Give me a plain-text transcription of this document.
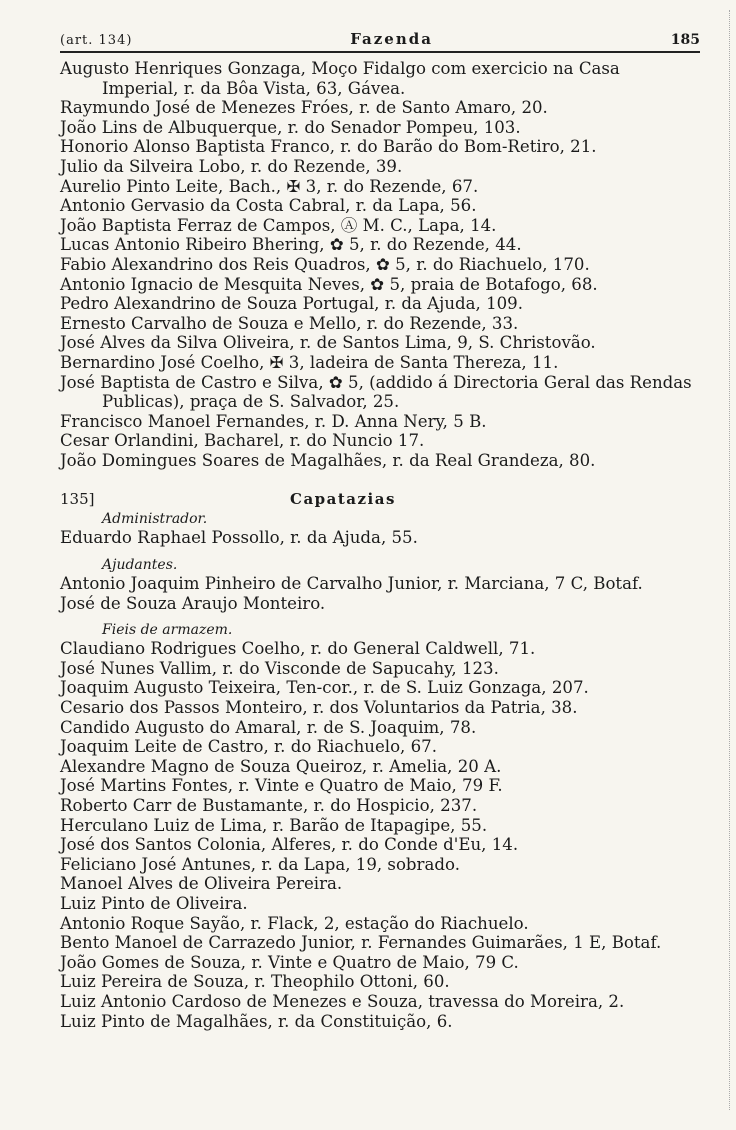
(art. 134)	Fazenda	185
Augusto Henriques Gonzaga, Moço Fidalgo com exercicio na Casa Imperial, r. da Bôa Vista, 63, Gávea.
Raymundo José de Menezes Fróes, r. de Santo Amaro, 20.
João Lins de Albuquerque, r. do Senador Pompeu, 103.
Honorio Alonso Baptista Franco, r. do Barão do Bom-Retiro, 21.
Julio da Silveira Lobo, r. do Rezende, 39.
Aurelio Pinto Leite, Bach., ✠ 3, r. do Rezende, 67.
Antonio Gervasio da Costa Cabral, r. da Lapa, 56.
João Baptista Ferraz de Campos, Ⓐ M. C., Lapa, 14.
Lucas Antonio Ribeiro Bhering, ✿ 5, r. do Rezende, 44.
Fabio Alexandrino dos Reis Quadros, ✿ 5, r. do Riachuelo, 170.
Antonio Ignacio de Mesquita Neves, ✿ 5, praia de Botafogo, 68.
Pedro Alexandrino de Souza Portugal, r. da Ajuda, 109.
Ernesto Carvalho de Souza e Mello, r. do Rezende, 33.
José Alves da Silva Oliveira, r. de Santos Lima, 9, S. Christovão.
Bernardino José Coelho, ✠ 3, ladeira de Santa Thereza, 11.
José Baptista de Castro e Silva, ✿ 5, (addido á Directoria Geral das Rendas Publicas), praça de S. Salvador, 25.
Francisco Manoel Fernandes, r. D. Anna Nery, 5 B.
Cesar Orlandini, Bacharel, r. do Nuncio 17.
João Domingues Soares de Magalhães, r. da Real Grandeza, 80.
135]	Capatazias
Administrador.
Eduardo Raphael Possollo, r. da Ajuda, 55.
Ajudantes.
Antonio Joaquim Pinheiro de Carvalho Junior, r. Marciana, 7 C, Botaf.
José de Souza Araujo Monteiro.
Fieis de armazem.
Claudiano Rodrigues Coelho, r. do General Caldwell, 71.
José Nunes Vallim, r. do Visconde de Sapucahy, 123.
Joaquim Augusto Teixeira, Ten-cor., r. de S. Luiz Gonzaga, 207.
Cesario dos Passos Monteiro, r. dos Voluntarios da Patria, 38.
Candido Augusto do Amaral, r. de S. Joaquim, 78.
Joaquim Leite de Castro, r. do Riachuelo, 67.
Alexandre Magno de Souza Queiroz, r. Amelia, 20 A.
José Martins Fontes, r. Vinte e Quatro de Maio, 79 F.
Roberto Carr de Bustamante, r. do Hospicio, 237.
Herculano Luiz de Lima, r. Barão de Itapagipe, 55.
José dos Santos Colonia, Alferes, r. do Conde d'Eu, 14.
Feliciano José Antunes, r. da Lapa, 19, sobrado.
Manoel Alves de Oliveira Pereira.
Luiz Pinto de Oliveira.
Antonio Roque Sayão, r. Flack, 2, estação do Riachuelo.
Bento Manoel de Carrazedo Junior, r. Fernandes Guimarães, 1 E, Botaf.
João Gomes de Souza, r. Vinte e Quatro de Maio, 79 C.
Luiz Pereira de Souza, r. Theophilo Ottoni, 60.
Luiz Antonio Cardoso de Menezes e Souza, travessa do Moreira, 2.
Luiz Pinto de Magalhães, r. da Constituição, 6.
